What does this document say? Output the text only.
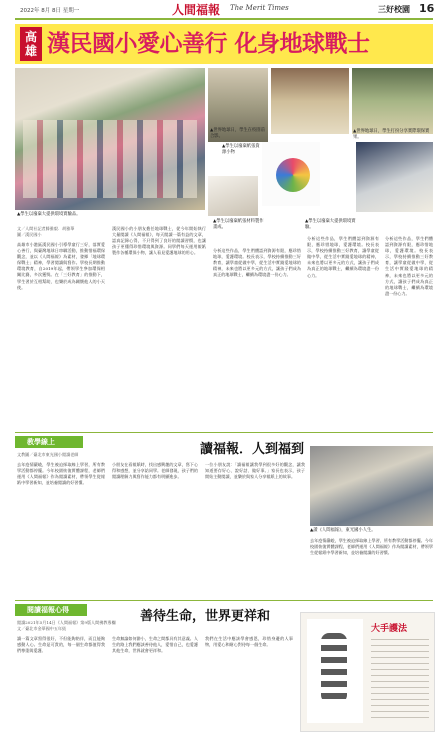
2022年 8月 8日 星期一	人間福報 The Merit Times	三好校園 16
高雄 漢民國小愛心善行 化身地球戰士
▲世界地球日，學生在校園前合影。
▲世界地球日，學生打扮分享實際環保實果。
▲學生以廢棄紙張資源小物
▲學生以廢棄紙張材料製作畫成。
▲學生以廢棄大提供環境實驗。
▲學生以廢棄大提供環境實驗品。
文／人間社記者滕雅毅．胡雅華
圖／漢民國小
高雄市小港區漢民國小引導學童行三好，落實愛心善行，與臺灣地球日串聯活動，推動惜福環保觀念，並以《人間福報》為素材，發揮「地球環保戰士」精神，學習閱讀與寫作。學校長期推動環境教育，自2019年起，帶領學生參加環保相關比賽，多次獲獎。在「三好教育」的推動下，學生習於互相幫助，也樂於成為關懷他人的小天使。
漢民國小的小朋友擔任地球戰士，從今年開始執行大量閱讀《人間福報》，每天閱讀一篇有益的文章，認真記錄心得，不只得到了良好的閱讀習慣，也讓孩子更懂得珍惜環境與資源。同學們每天運用報紙製作各種環保小物，讓人看見愛護地球的用心。	分析這些作品，學生們體認到資源有限，應珍惜地球，愛護環境。校長表示，學校持續推動三好教育，讓學童從做中學，從生活中實踐愛地球的精神，未來也將以更多元的方式，讓孩子們成為真正的地球戰士，繼續為環境盡一份心力。
分析這些作品，學生們體認到資源有限，應珍惜地球，愛護環境。校長表示，學校持續推動三好教育，讓學童從做中學，從生活中實踐愛地球的精神，未來也將以更多元的方式，讓孩子們成為真正的地球戰士，繼續為環境盡一份心力。
分析這些作品，學生們體認到資源有限，應珍惜地球，愛護環境。校長表示，學校持續推動三好教育，讓學童從做中學，從生活中實踐愛地球的精神，未來也將以更多元的方式，讓孩子們成為真正的地球戰士，繼續為環境盡一份心力。
教學線上	讀福報．人到福到
文教圖／臺北市東光國小閱讀老師
去年疫情嚴峻，學生被迫採取線上學習，所有教學活動都停擺。今年校園恢復實體課程，老師們運用《人間福報》作為閱讀素材，帶領學生從報紙中學習新知，並培養閱讀的好習慣。
小朋友在看報紙時，找出感興趣的文章，寫下心得和感想，並分享給同學。老師發現，孩子們的閱讀理解力與寫作能力都有明顯進步。
▲讀《人間福報》，東光國小人生。
一位小朋友說：「讀福報讓我學到很多好的觀念，讓我知道要存好心、說好話、做好事。」家長也表示，孩子開始主動閱讀，並樂於與家人分享報紙上的故事。
去年疫情嚴峻，學生被迫採取線上學習，所有教學活動都停擺。今年校園恢復實體課程，老師們運用《人間福報》作為閱讀素材，帶領學生從報紙中學習新知，並培養閱讀的好習慣。
閱讀福報心得	善待生命，世界更祥和
閱讀2021年5月14日《人間福報》第9版人間佛教專欄
文／臺北市金華國中五年級
讀一篇文章寫得很好，不但能夠陪伴，而且能夠感動人心。生命是可貴的，每一個生命都值得我們尊重與愛護。
生命無論如何渺小，生命之間都具有其意義。人生的路上我們應該善待他人，愛惜自己，也愛護其他生命，世界就會更祥和。
我們在生活中應該學會感恩，珍惜身邊的人事物，用愛心和耐心對待每一個生命。
大手護法
